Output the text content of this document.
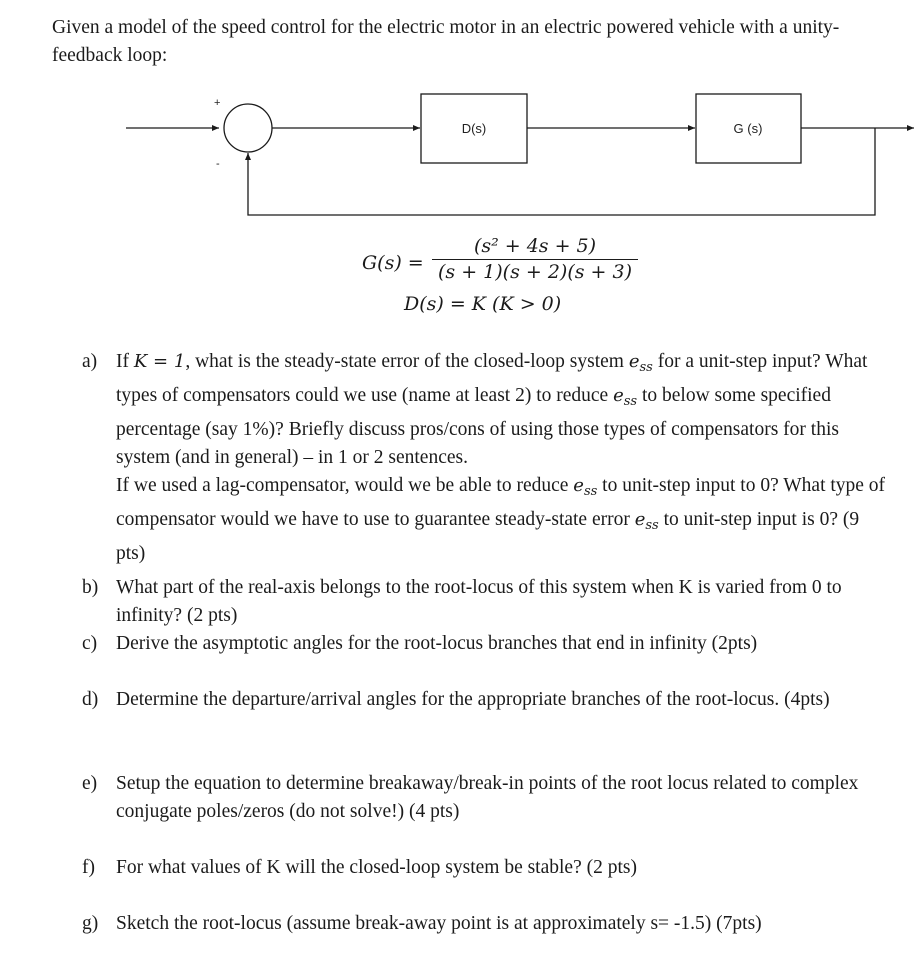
Given a model of the speed control for the electric motor in an electric powered vehicle with a unity-feedback loop:
+
-
D(s)	G (s)
$G(s) = \frac{\text{(s² + 4s + 5)}}{(s + 1)(s + 2)(s + 3)}$
D(s) = K (K > 0)
a) If K = 1, what is the steady-state error of the closed-loop system $e_{ss}$ for a unit-step input? What types of compensators could we use (name at least 2) to reduce $e_{ss}$ to below some specified percentage (say 1%)? Briefly discuss pros/cons of using those types of compensators for this system (and in general) – in 1 or 2 sentences.
If we used a lag-compensator, would we be able to reduce $e_{ss}$ to unit-step input to 0? What type of compensator would we have to use to guarantee steady-state error $e_{ss}$ to unit-step input is 0? (9 pts)
b) What part of the real-axis belongs to the root-locus of this system when K is varied from 0 to infinity? (2 pts)
c) Derive the asymptotic angles for the root-locus branches that end in infinity (2pts)
d) Determine the departure/arrival angles for the appropriate branches of the root-locus. (4pts)
e) Setup the equation to determine breakaway/break-in points of the root locus related to complex conjugate poles/zeros (do not solve!) (4 pts)
f) For what values of K will the closed-loop system be stable? (2 pts)
g) Sketch the root-locus (assume break-away point is at approximately s= -1.5) (7pts)
